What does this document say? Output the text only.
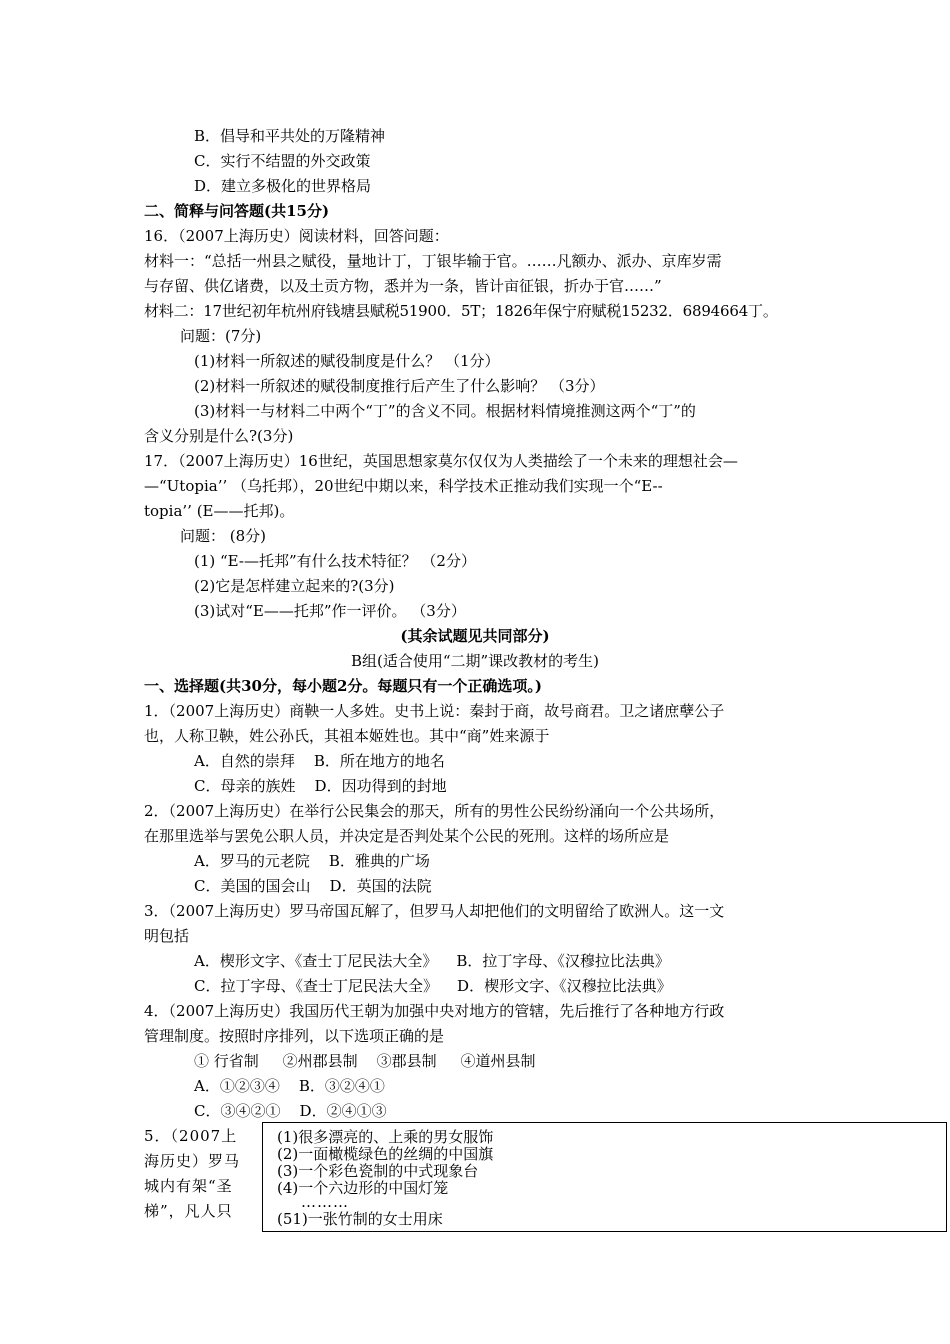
B．倡导和平共处的万隆精神
C．实行不结盟的外交政策
D．建立多极化的世界格局
二、简释与问答题(共15分)
16．（2007上海历史）阅读材料，回答问题：
材料一：“总括一州县之赋役，量地计丁，丁银毕输于官。……凡额办、派办、京库岁需
与存留、供亿诸费，以及土贡方物，悉并为一条，皆计亩征银，折办于官……”
材料二：17世纪初年杭州府钱塘县赋税51900．5T；1826年保宁府赋税15232．6894664丁。
问题：(7分)
(1)材料一所叙述的赋役制度是什么？ （1分）
(2)材料一所叙述的赋役制度推行后产生了什么影响？ （3分）
(3)材料一与材料二中两个“丁”的含义不同。根据材料情境推测这两个“丁”的
含义分别是什么?(3分)
17．（2007上海历史）16世纪，英国思想家莫尔仅仅为人类描绘了一个未来的理想社会—
—“Utopia’’ （乌托邦），20世纪中期以来，科学技术正推动我们实现一个“E--
topia’’ (E——托邦)。
问题： (8分)
(1) “E-—托邦”有什么技术特征？ （2分）
(2)它是怎样建立起来的?(3分)
(3)试对“E——托邦”作一评价。 （3分）
(其余试题见共同部分)
B组(适合使用“二期”课改教材的考生)
一、选择题(共30分，每小题2分。每题只有一个正确选项。)
1．（2007上海历史）商鞅一人多姓。史书上说：秦封于商，故号商君。卫之诸庶孽公子
也，人称卫鞅，姓公孙氏，其祖本姬姓也。其中“商”姓来源于
A．自然的崇拜    B．所在地方的地名
C．母亲的族姓    D．因功得到的封地
2．（2007上海历史）在举行公民集会的那天，所有的男性公民纷纷涌向一个公共场所，
在那里选举与罢免公职人员，并决定是否判处某个公民的死刑。这样的场所应是
A．罗马的元老院    B．雅典的广场
C．美国的国会山    D．英国的法院
3．（2007上海历史）罗马帝国瓦解了，但罗马人却把他们的文明留给了欧洲人。这一文
明包括
A．楔形文字、《查士丁尼民法大全》    B．拉丁字母、《汉穆拉比法典》
C．拉丁字母、《查士丁尼民法大全》    D．楔形文字、《汉穆拉比法典》
4．（2007上海历史）我国历代王朝为加强中央对地方的管辖，先后推行了各种地方行政
管理制度。按照时序排列，以下选项正确的是
① 行省制     ②州郡县制    ③郡县制     ④道州县制
A．①②③④    B．③②④①
C．③④②①    D．②④①③
5．（2007上
海历史）罗马
城内有架“圣
梯”，凡人只
(1)很多漂亮的、上乘的男女服饰
(2)一面橄榄绿色的丝绸的中国旗
(3)一个彩色瓷制的中式现象台
(4)一个六边形的中国灯笼
………
(51)一张竹制的女士用床
